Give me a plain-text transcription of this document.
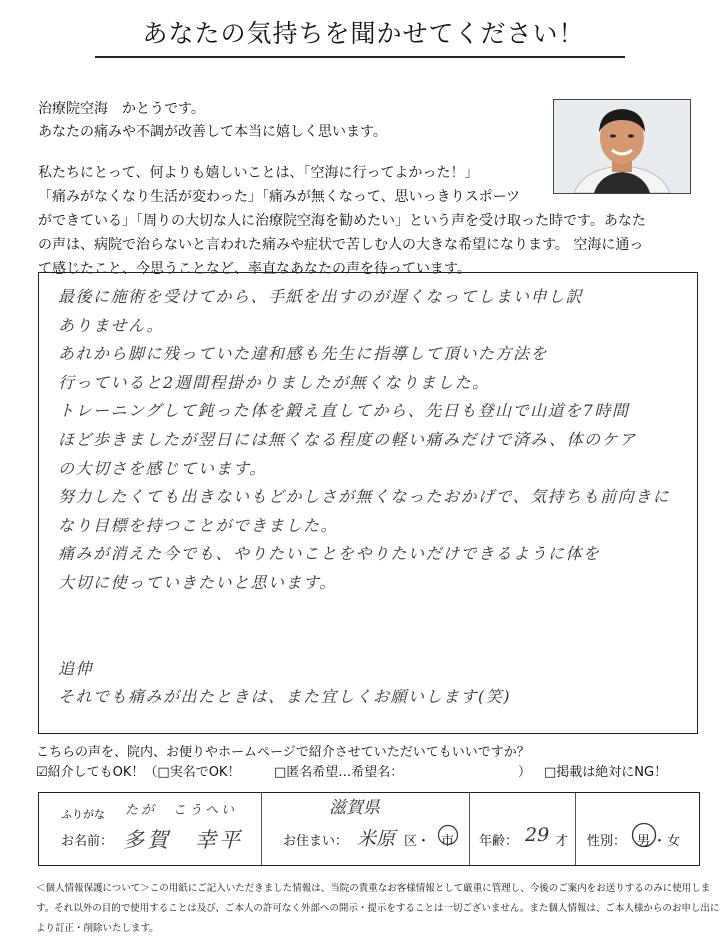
あなたの気持ちを聞かせてください！
治療院空海　かとうです。
あなたの痛みや不調が改善して本当に嬉しく思います。
私たちにとって、何よりも嬉しいことは、「空海に行ってよかった！」
「痛みがなくなり生活が変わった」「痛みが無くなって、思いっきりスポーツ
ができている」「周りの大切な人に治療院空海を勧めたい」という声を受け取った時です。あなた
の声は、病院で治らないと言われた痛みや症状で苦しむ人の大きな希望になります。 空海に通っ
て感じたこと、今思うことなど、率直なあなたの声を待っています。
最後に施術を受けてから、手紙を出すのが遅くなってしまい申し訳
ありません。
あれから脚に残っていた違和感も先生に指導して頂いた方法を
行っていると2週間程掛かりましたが無くなりました。
トレーニングして鈍った体を鍛え直してから、先日も登山で山道を7時間
ほど歩きましたが翌日には無くなる程度の軽い痛みだけで済み、体のケア
の大切さを感じています。
努力したくても出きないもどかしさが無くなったおかげで、気持ちも前向きに
なり目標を持つことができました。
痛みが消えた今でも、やりたいことをやりたいだけできるように体を
大切に使っていきたいと思います。

追伸
それでも痛みが出たときは、また宜しくお願いします(笑)
こちらの声を、院内、お便りやホームページで紹介させていただいてもいいですか？
☑紹介してもOK！（□実名でOK！	□匿名希望…希望名：	） □掲載は絶対にNG！
ふりがな たが　こうへい
お名前： 多賀　幸平
滋賀県
お住まい： 米原 区・ 市 年齢： 29 才 性別： 男 ・ 女
＜個人情報保護について＞この用紙にご記入いただきました情報は、当院の貴重なお客様情報として厳重に管理し、今後のご案内をお送りするのみに使用しま
す。それ以外の目的で使用することは及び、ご本人の許可なく外部への開示・提示をすることは一切ございません。また個人情報は、ご本人様からのお申し出に
より訂正・削除いたします。
